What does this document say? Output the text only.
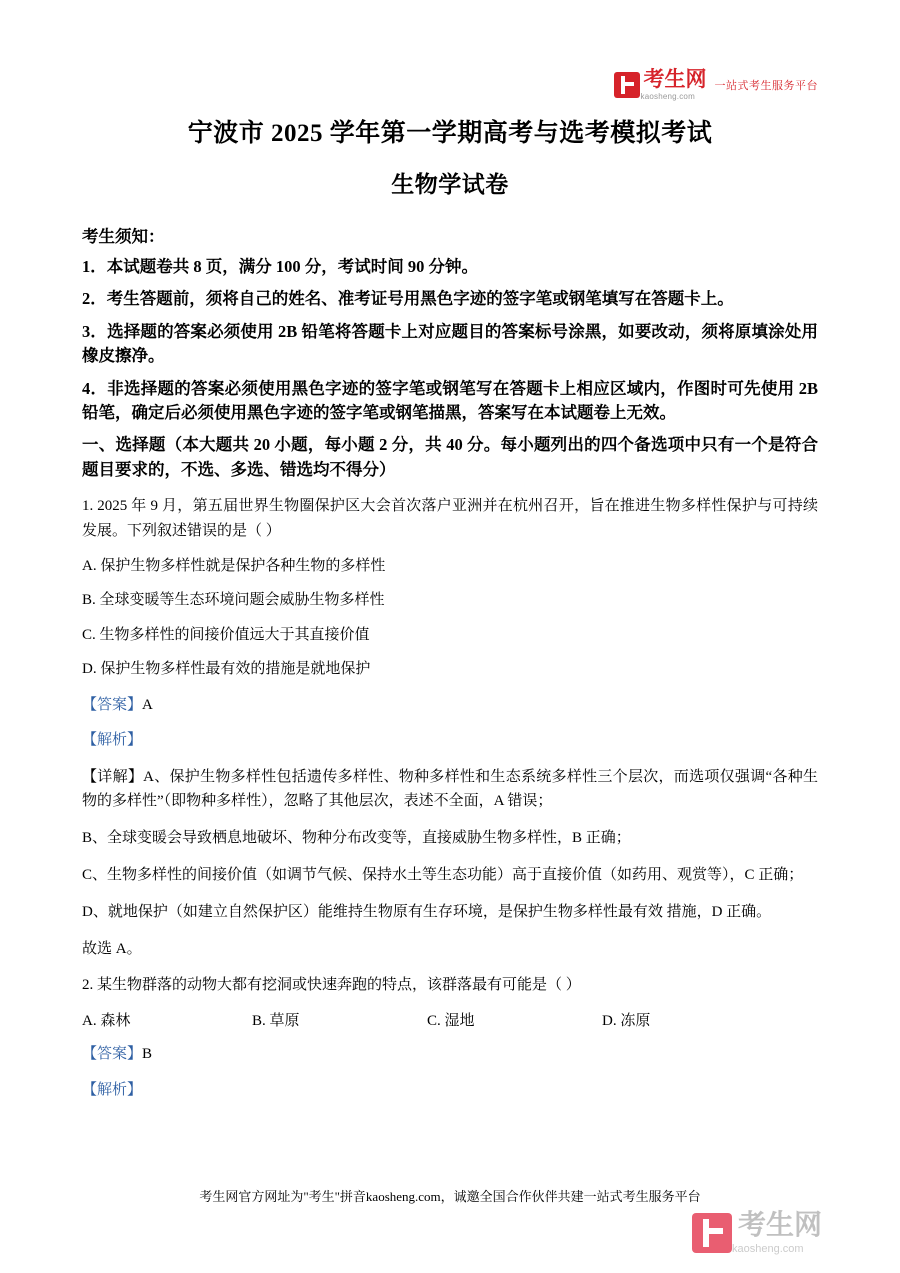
考生网
kaosheng.com
一站式考生服务平台
宁波市 2025 学年第一学期高考与选考模拟考试
生物学试卷
考生须知：
1．本试题卷共 8 页，满分 100 分，考试时间 90 分钟。
2．考生答题前，须将自己的姓名、准考证号用黑色字迹的签字笔或钢笔填写在答题卡上。
3．选择题的答案必须使用 2B 铅笔将答题卡上对应题目的答案标号涂黑，如要改动，须将原填涂处用橡皮擦净。
4．非选择题的答案必须使用黑色字迹的签字笔或钢笔写在答题卡上相应区域内，作图时可先使用 2B 铅笔，确定后必须使用黑色字迹的签字笔或钢笔描黑，答案写在本试题卷上无效。
一、选择题（本大题共 20 小题，每小题 2 分，共 40 分。每小题列出的四个备选项中只有一个是符合题目要求的，不选、多选、错选均不得分）
1. 2025 年 9 月，第五届世界生物圈保护区大会首次落户亚洲并在杭州召开，旨在推进生物多样性保护与可持续发展。下列叙述错误的是（ ）
A. 保护生物多样性就是保护各种生物的多样性
B. 全球变暖等生态环境问题会威胁生物多样性
C. 生物多样性的间接价值远大于其直接价值
D. 保护生物多样性最有效的措施是就地保护
【答案】A
【解析】
【详解】A、保护生物多样性包括遗传多样性、物种多样性和生态系统多样性三个层次，而选项仅强调“各种生物的多样性”（即物种多样性），忽略了其他层次，表述不全面，A 错误；
B、全球变暖会导致栖息地破坏、物种分布改变等，直接威胁生物多样性，B 正确；
C、生物多样性的间接价值（如调节气候、保持水土等生态功能）高于直接价值（如药用、观赏等），C 正确；
D、就地保护（如建立自然保护区）能维持生物原有生存环境，是保护生物多样性最有效 措施，D 正确。
故选 A。
2. 某生物群落的动物大都有挖洞或快速奔跑的特点，该群落最有可能是（ ）
A. 森林	B. 草原	C. 湿地	D. 冻原
【答案】B
【解析】
考生网官方网址为"考生"拼音kaosheng.com，诚邀全国合作伙伴共建一站式考生服务平台
考生网
kaosheng.com
